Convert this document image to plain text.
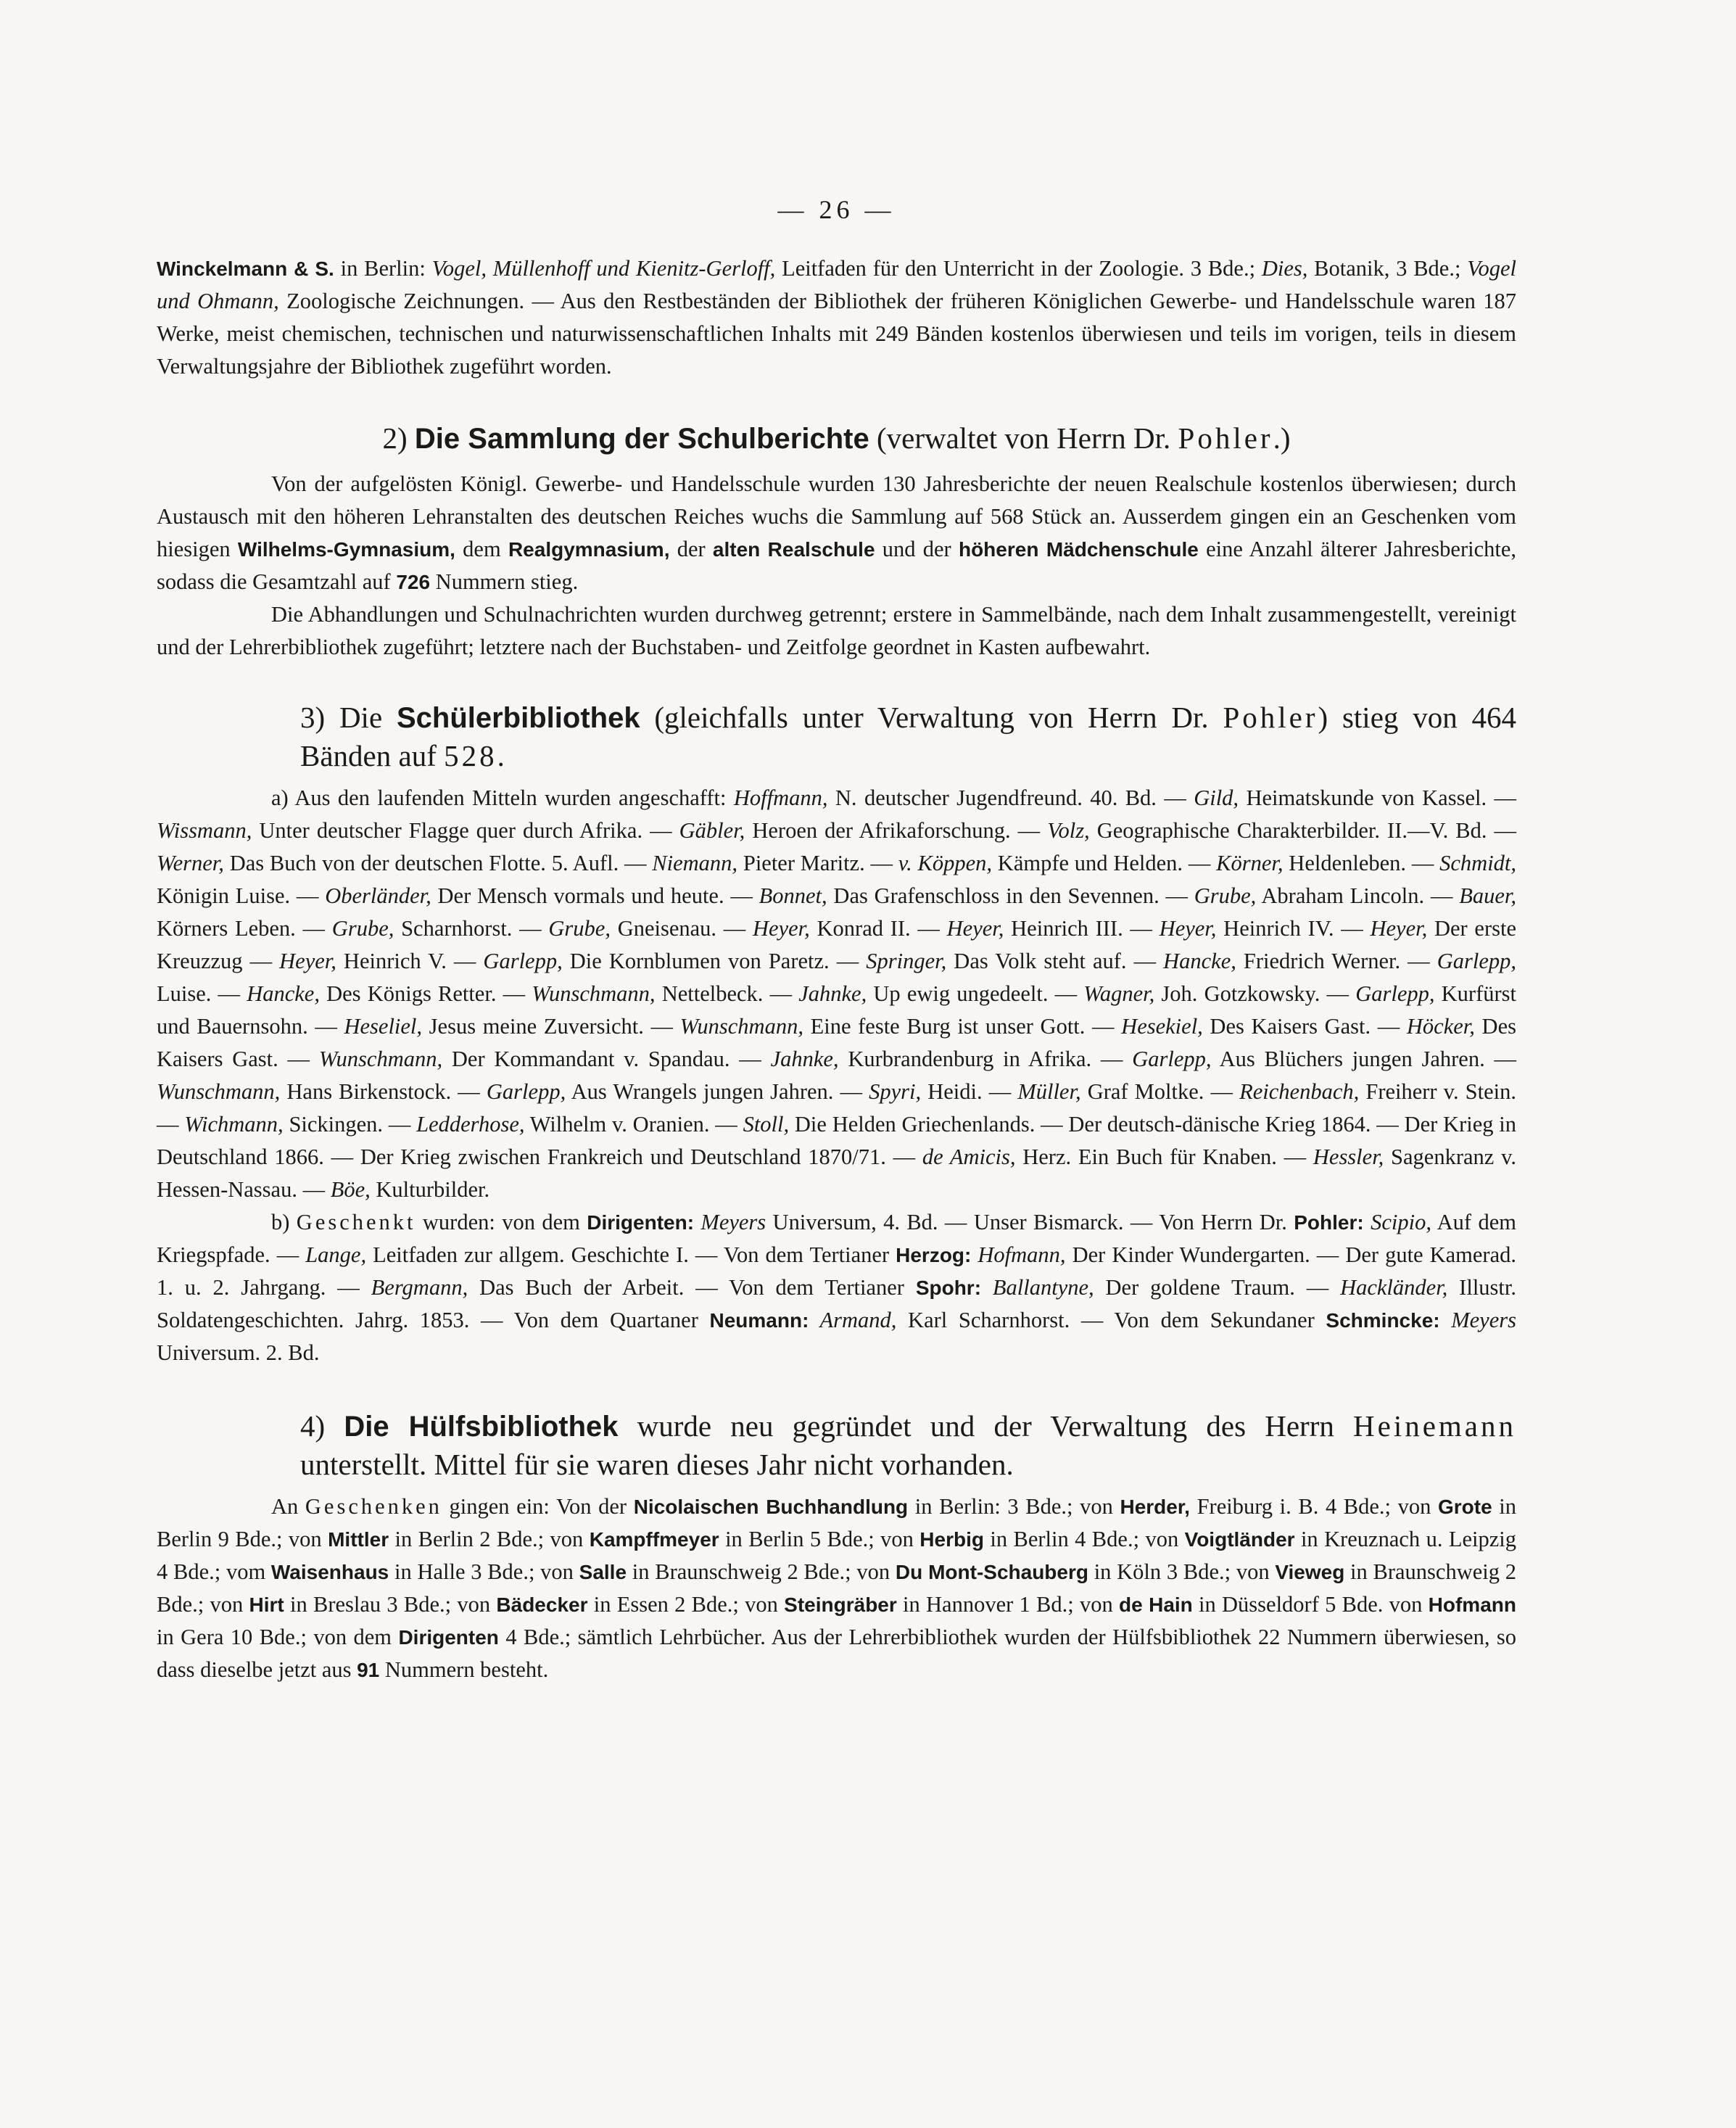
— 26 —

Winckelmann & S. in Berlin: Vogel, Müllenhoff und Kienitz-Gerloff, Leitfaden für den Unterricht in der Zoologie. 3 Bde.; Dies, Botanik, 3 Bde.; Vogel und Ohmann, Zoologische Zeichnungen. — Aus den Restbeständen der Bibliothek der früheren Königlichen Gewerbe- und Handelsschule waren 187 Werke, meist chemischen, technischen und naturwissenschaftlichen Inhalts mit 249 Bänden kostenlos überwiesen und teils im vorigen, teils in diesem Verwaltungsjahre der Bibliothek zugeführt worden.

2) Die Sammlung der Schulberichte (verwaltet von Herrn Dr. Pohler.)

Von der aufgelösten Königl. Gewerbe- und Handelsschule wurden 130 Jahresberichte der neuen Realschule kostenlos überwiesen; durch Austausch mit den höheren Lehranstalten des deutschen Reiches wuchs die Sammlung auf 568 Stück an. Ausserdem gingen ein an Geschenken vom hiesigen Wilhelms-Gymnasium, dem Realgymnasium, der alten Realschule und der höheren Mädchenschule eine Anzahl älterer Jahresberichte, sodass die Gesamtzahl auf 726 Nummern stieg.

Die Abhandlungen und Schulnachrichten wurden durchweg getrennt; erstere in Sammelbände, nach dem Inhalt zusammengestellt, vereinigt und der Lehrerbibliothek zugeführt; letztere nach der Buchstaben- und Zeitfolge geordnet in Kasten aufbewahrt.

3) Die Schülerbibliothek (gleichfalls unter Verwaltung von Herrn Dr. Pohler) stieg von 464 Bänden auf 528.

a) Aus den laufenden Mitteln wurden angeschafft: Hoffmann, N. deutscher Jugendfreund. 40. Bd. — Gild, Heimatskunde von Kassel. — Wissmann, Unter deutscher Flagge quer durch Afrika. — Gäbler, Heroen der Afrikaforschung. — Volz, Geographische Charakterbilder. II.—V. Bd. — Werner, Das Buch von der deutschen Flotte. 5. Aufl. — Niemann, Pieter Maritz. — v. Köppen, Kämpfe und Helden. — Körner, Heldenleben. — Schmidt, Königin Luise. — Oberländer, Der Mensch vormals und heute. — Bonnet, Das Grafenschloss in den Sevennen. — Grube, Abraham Lincoln. — Bauer, Körners Leben. — Grube, Scharnhorst. — Grube, Gneisenau. — Heyer, Konrad II. — Heyer, Heinrich III. — Heyer, Heinrich IV. — Heyer, Der erste Kreuzzug — Heyer, Heinrich V. — Garlepp, Die Kornblumen von Paretz. — Springer, Das Volk steht auf. — Hancke, Friedrich Werner. — Garlepp, Luise. — Hancke, Des Königs Retter. — Wunschmann, Nettelbeck. — Jahnke, Up ewig ungedeelt. — Wagner, Joh. Gotzkowsky. — Garlepp, Kurfürst und Bauernsohn. — Heseliel, Jesus meine Zuversicht. — Wunschmann, Eine feste Burg ist unser Gott. — Hesekiel, Des Kaisers Gast. — Höcker, Des Kaisers Gast. — Wunschmann, Der Kommandant v. Spandau. — Jahnke, Kurbrandenburg in Afrika. — Garlepp, Aus Blüchers jungen Jahren. — Wunschmann, Hans Birkenstock. — Garlepp, Aus Wrangels jungen Jahren. — Spyri, Heidi. — Müller, Graf Moltke. — Reichenbach, Freiherr v. Stein. — Wichmann, Sickingen. — Ledderhose, Wilhelm v. Oranien. — Stoll, Die Helden Griechenlands. — Der deutsch-dänische Krieg 1864. — Der Krieg in Deutschland 1866. — Der Krieg zwischen Frankreich und Deutschland 1870/71. — de Amicis, Herz. Ein Buch für Knaben. — Hessler, Sagenkranz v. Hessen-Nassau. — Böe, Kulturbilder.

b) Geschenkt wurden: von dem Dirigenten: Meyers Universum, 4. Bd. — Unser Bismarck. — Von Herrn Dr. Pohler: Scipio, Auf dem Kriegspfade. — Lange, Leitfaden zur allgem. Geschichte I. — Von dem Tertianer Herzog: Hofmann, Der Kinder Wundergarten. — Der gute Kamerad. 1. u. 2. Jahrgang. — Bergmann, Das Buch der Arbeit. — Von dem Tertianer Spohr: Ballantyne, Der goldene Traum. — Hackländer, Illustr. Soldatengeschichten. Jahrg. 1853. — Von dem Quartaner Neumann: Armand, Karl Scharnhorst. — Von dem Sekundaner Schmincke: Meyers Universum. 2. Bd.

4) Die Hülfsbibliothek wurde neu gegründet und der Verwaltung des Herrn Heinemann unterstellt. Mittel für sie waren dieses Jahr nicht vorhanden.

An Geschenken gingen ein: Von der Nicolaischen Buchhandlung in Berlin: 3 Bde.; von Herder, Freiburg i. B. 4 Bde.; von Grote in Berlin 9 Bde.; von Mittler in Berlin 2 Bde.; von Kampffmeyer in Berlin 5 Bde.; von Herbig in Berlin 4 Bde.; von Voigtländer in Kreuznach u. Leipzig 4 Bde.; vom Waisenhaus in Halle 3 Bde.; von Salle in Braunschweig 2 Bde.; von Du Mont-Schauberg in Köln 3 Bde.; von Vieweg in Braunschweig 2 Bde.; von Hirt in Breslau 3 Bde.; von Bädecker in Essen 2 Bde.; von Steingräber in Hannover 1 Bd.; von de Hain in Düsseldorf 5 Bde. von Hofmann in Gera 10 Bde.; von dem Dirigenten 4 Bde.; sämtlich Lehrbücher. Aus der Lehrerbibliothek wurden der Hülfsbibliothek 22 Nummern überwiesen, so dass dieselbe jetzt aus 91 Nummern besteht.
